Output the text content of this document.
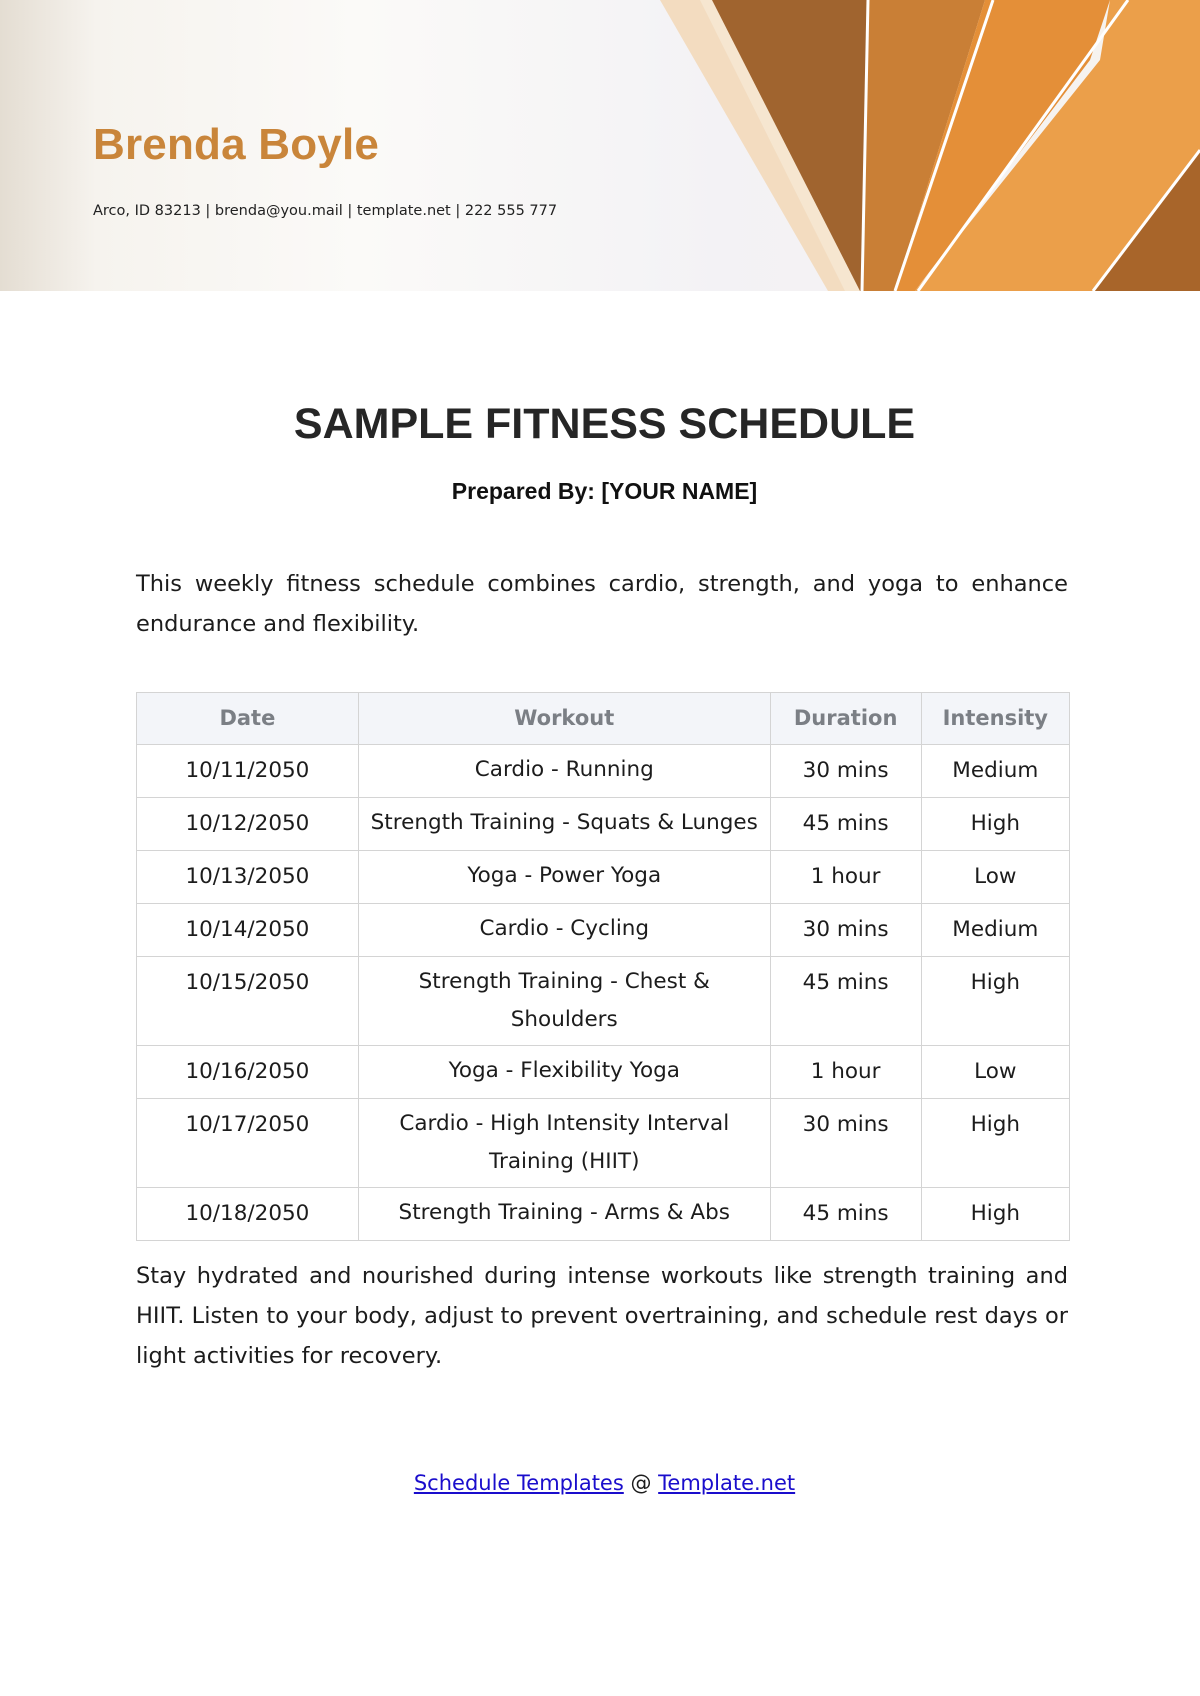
Brenda Boyle
Arco, ID 83213 | brenda@you.mail | template.net | 222 555 777
SAMPLE FITNESS SCHEDULE
Prepared By: [YOUR NAME]

This weekly fitness schedule combines cardio, strength, and yoga to enhance endurance and flexibility.

Date	Workout	Duration	Intensity
10/11/2050	Cardio - Running	30 mins	Medium
10/12/2050	Strength Training - Squats & Lunges	45 mins	High
10/13/2050	Yoga - Power Yoga	1 hour	Low
10/14/2050	Cardio - Cycling	30 mins	Medium
10/15/2050	Strength Training - Chest & Shoulders	45 mins	High
10/16/2050	Yoga - Flexibility Yoga	1 hour	Low
10/17/2050	Cardio - High Intensity Interval Training (HIIT)	30 mins	High
10/18/2050	Strength Training - Arms & Abs	45 mins	High

Stay hydrated and nourished during intense workouts like strength training and HIIT. Listen to your body, adjust to prevent overtraining, and schedule rest days or light activities for recovery.

Schedule Templates @ Template.net
